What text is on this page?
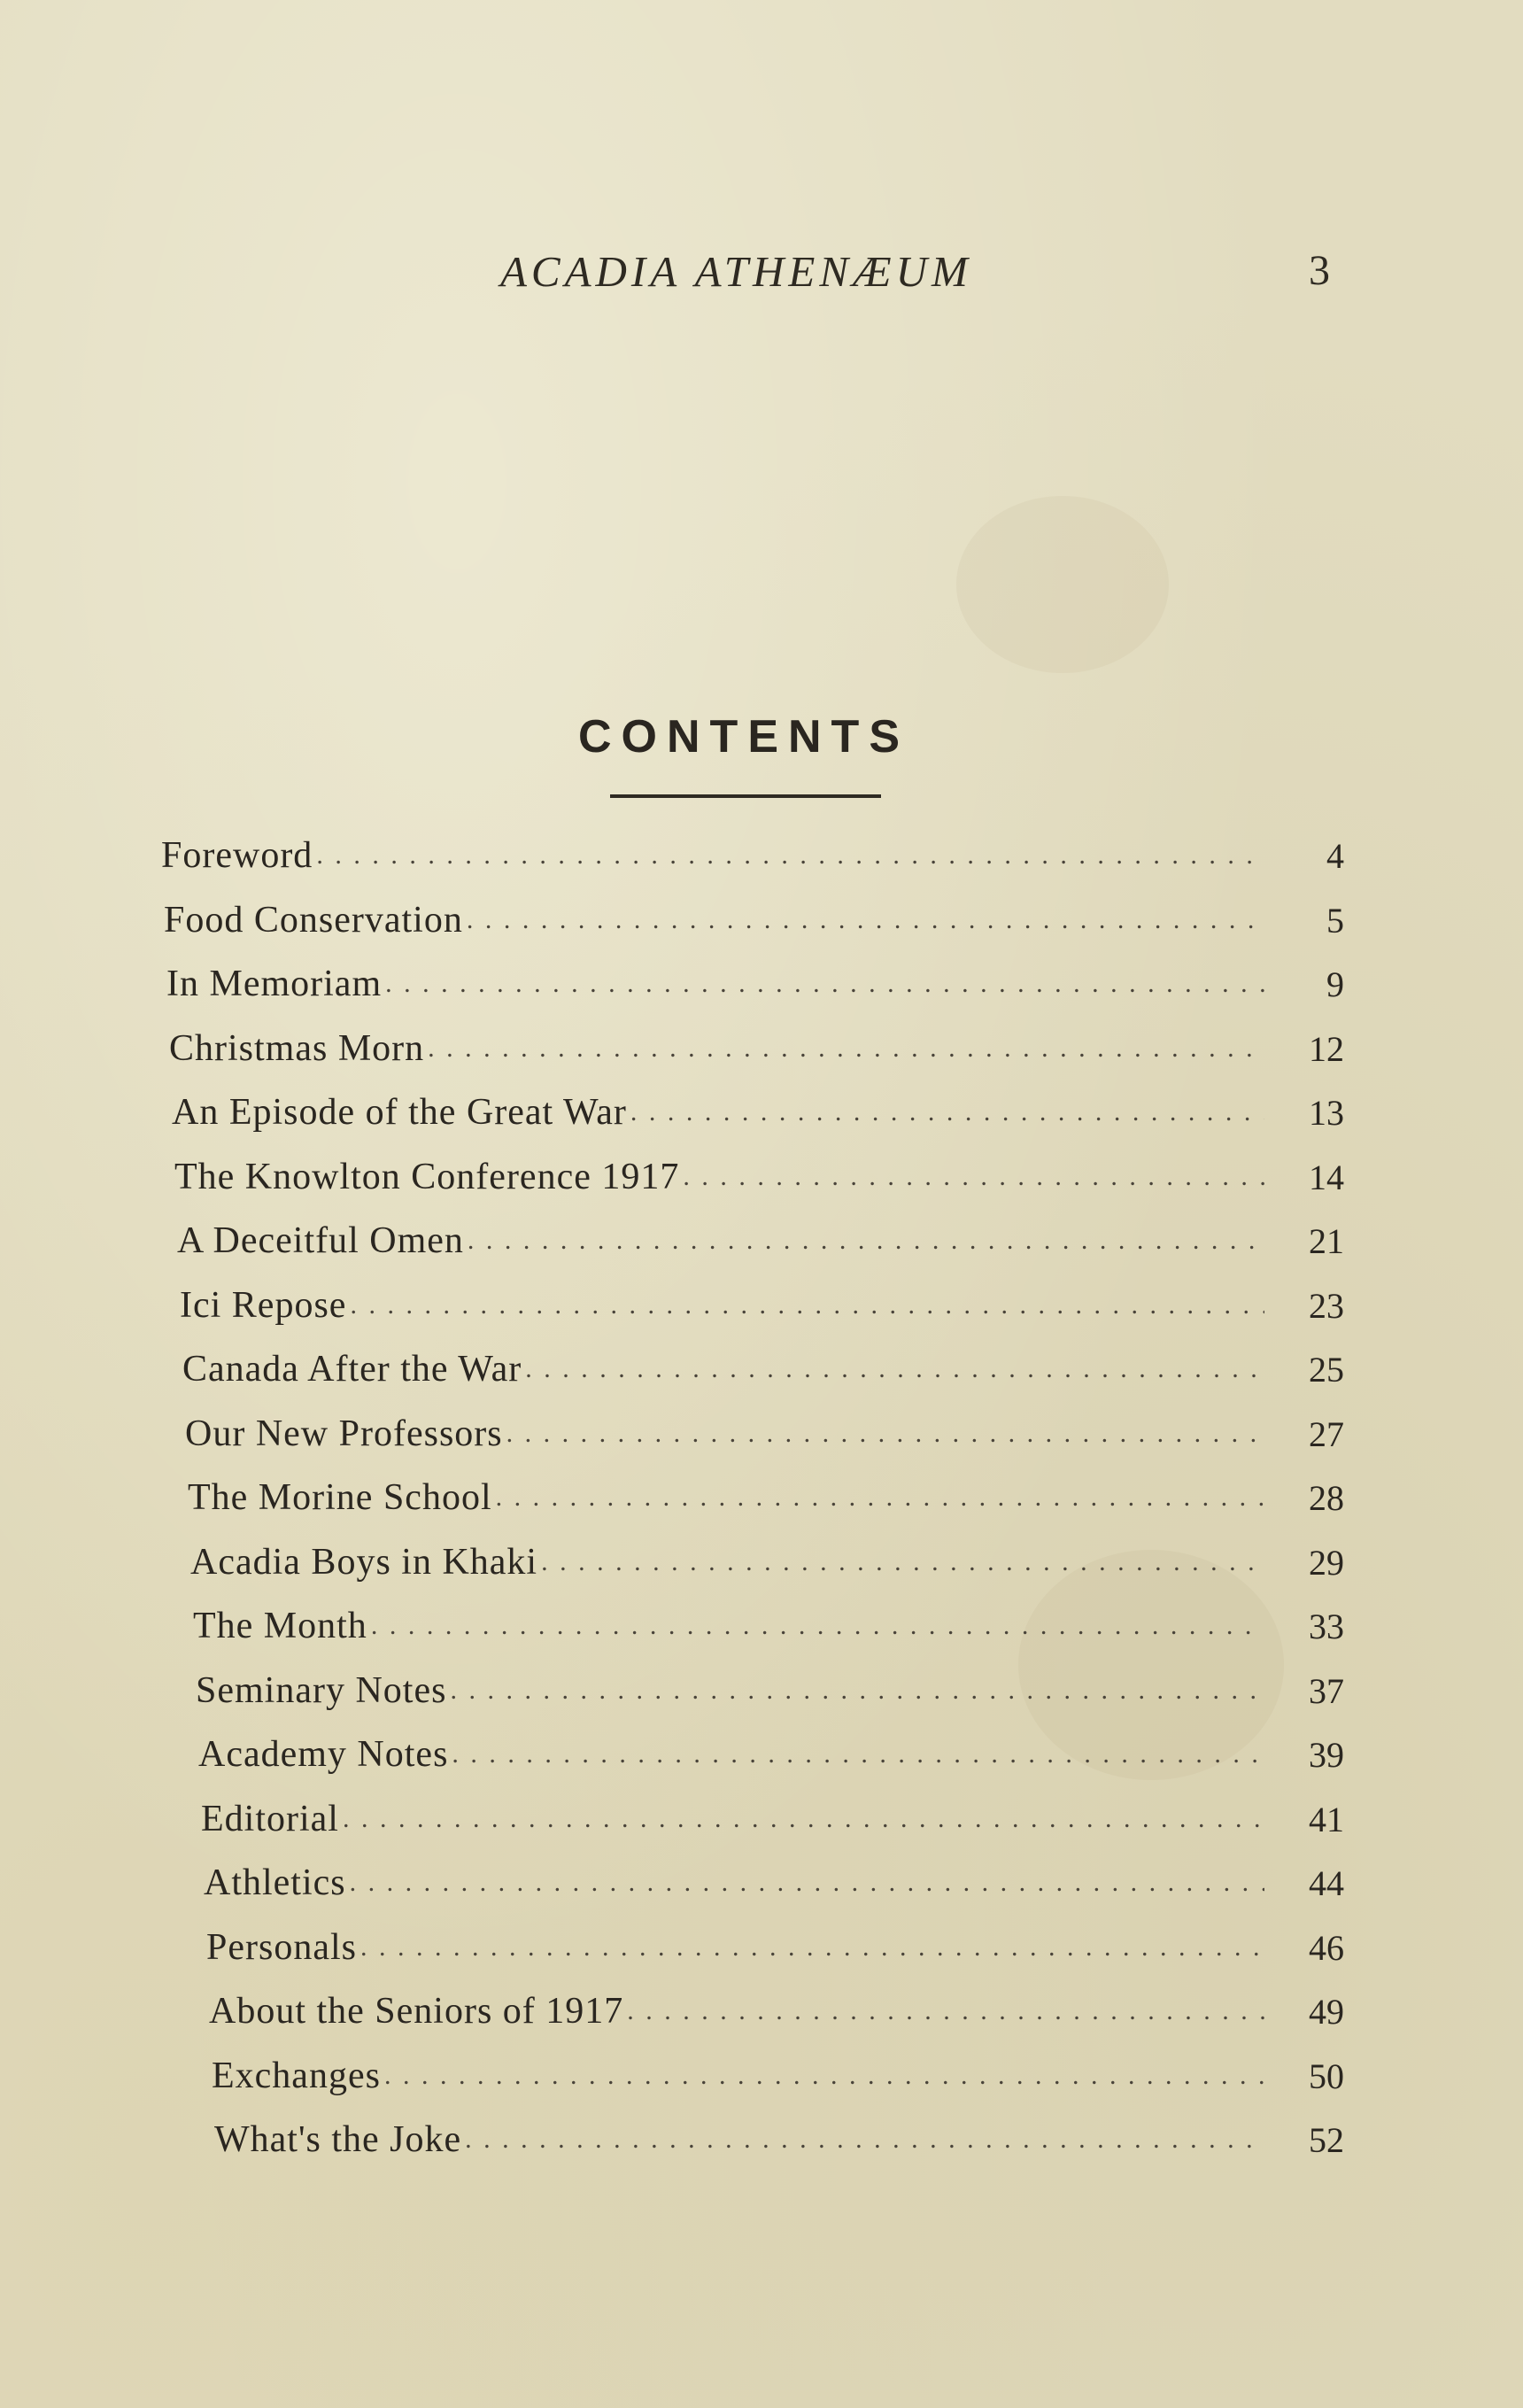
ACADIA ATHENÆUM	3
CONTENTS
Foreword . . .	4
Food Conservation . . .	5
In Memoriam . . .	9
Christmas Morn . . .	12
An Episode of the Great War . . .	13
The Knowlton Conference 1917 . . .	14
A Deceitful Omen . . .	21
Ici Repose . . .	23
Canada After the War . . .	25
Our New Professors . . .	27
The Morine School . . .	28
Acadia Boys in Khaki . . .	29
The Month . . .	33
Seminary Notes . . .	37
Academy Notes . . .	39
Editorial . . .	41
Athletics . . .	44
Personals . . .	46
About the Seniors of 1917 . . .	49
Exchanges . . .	50
What's the Joke . . .	52
